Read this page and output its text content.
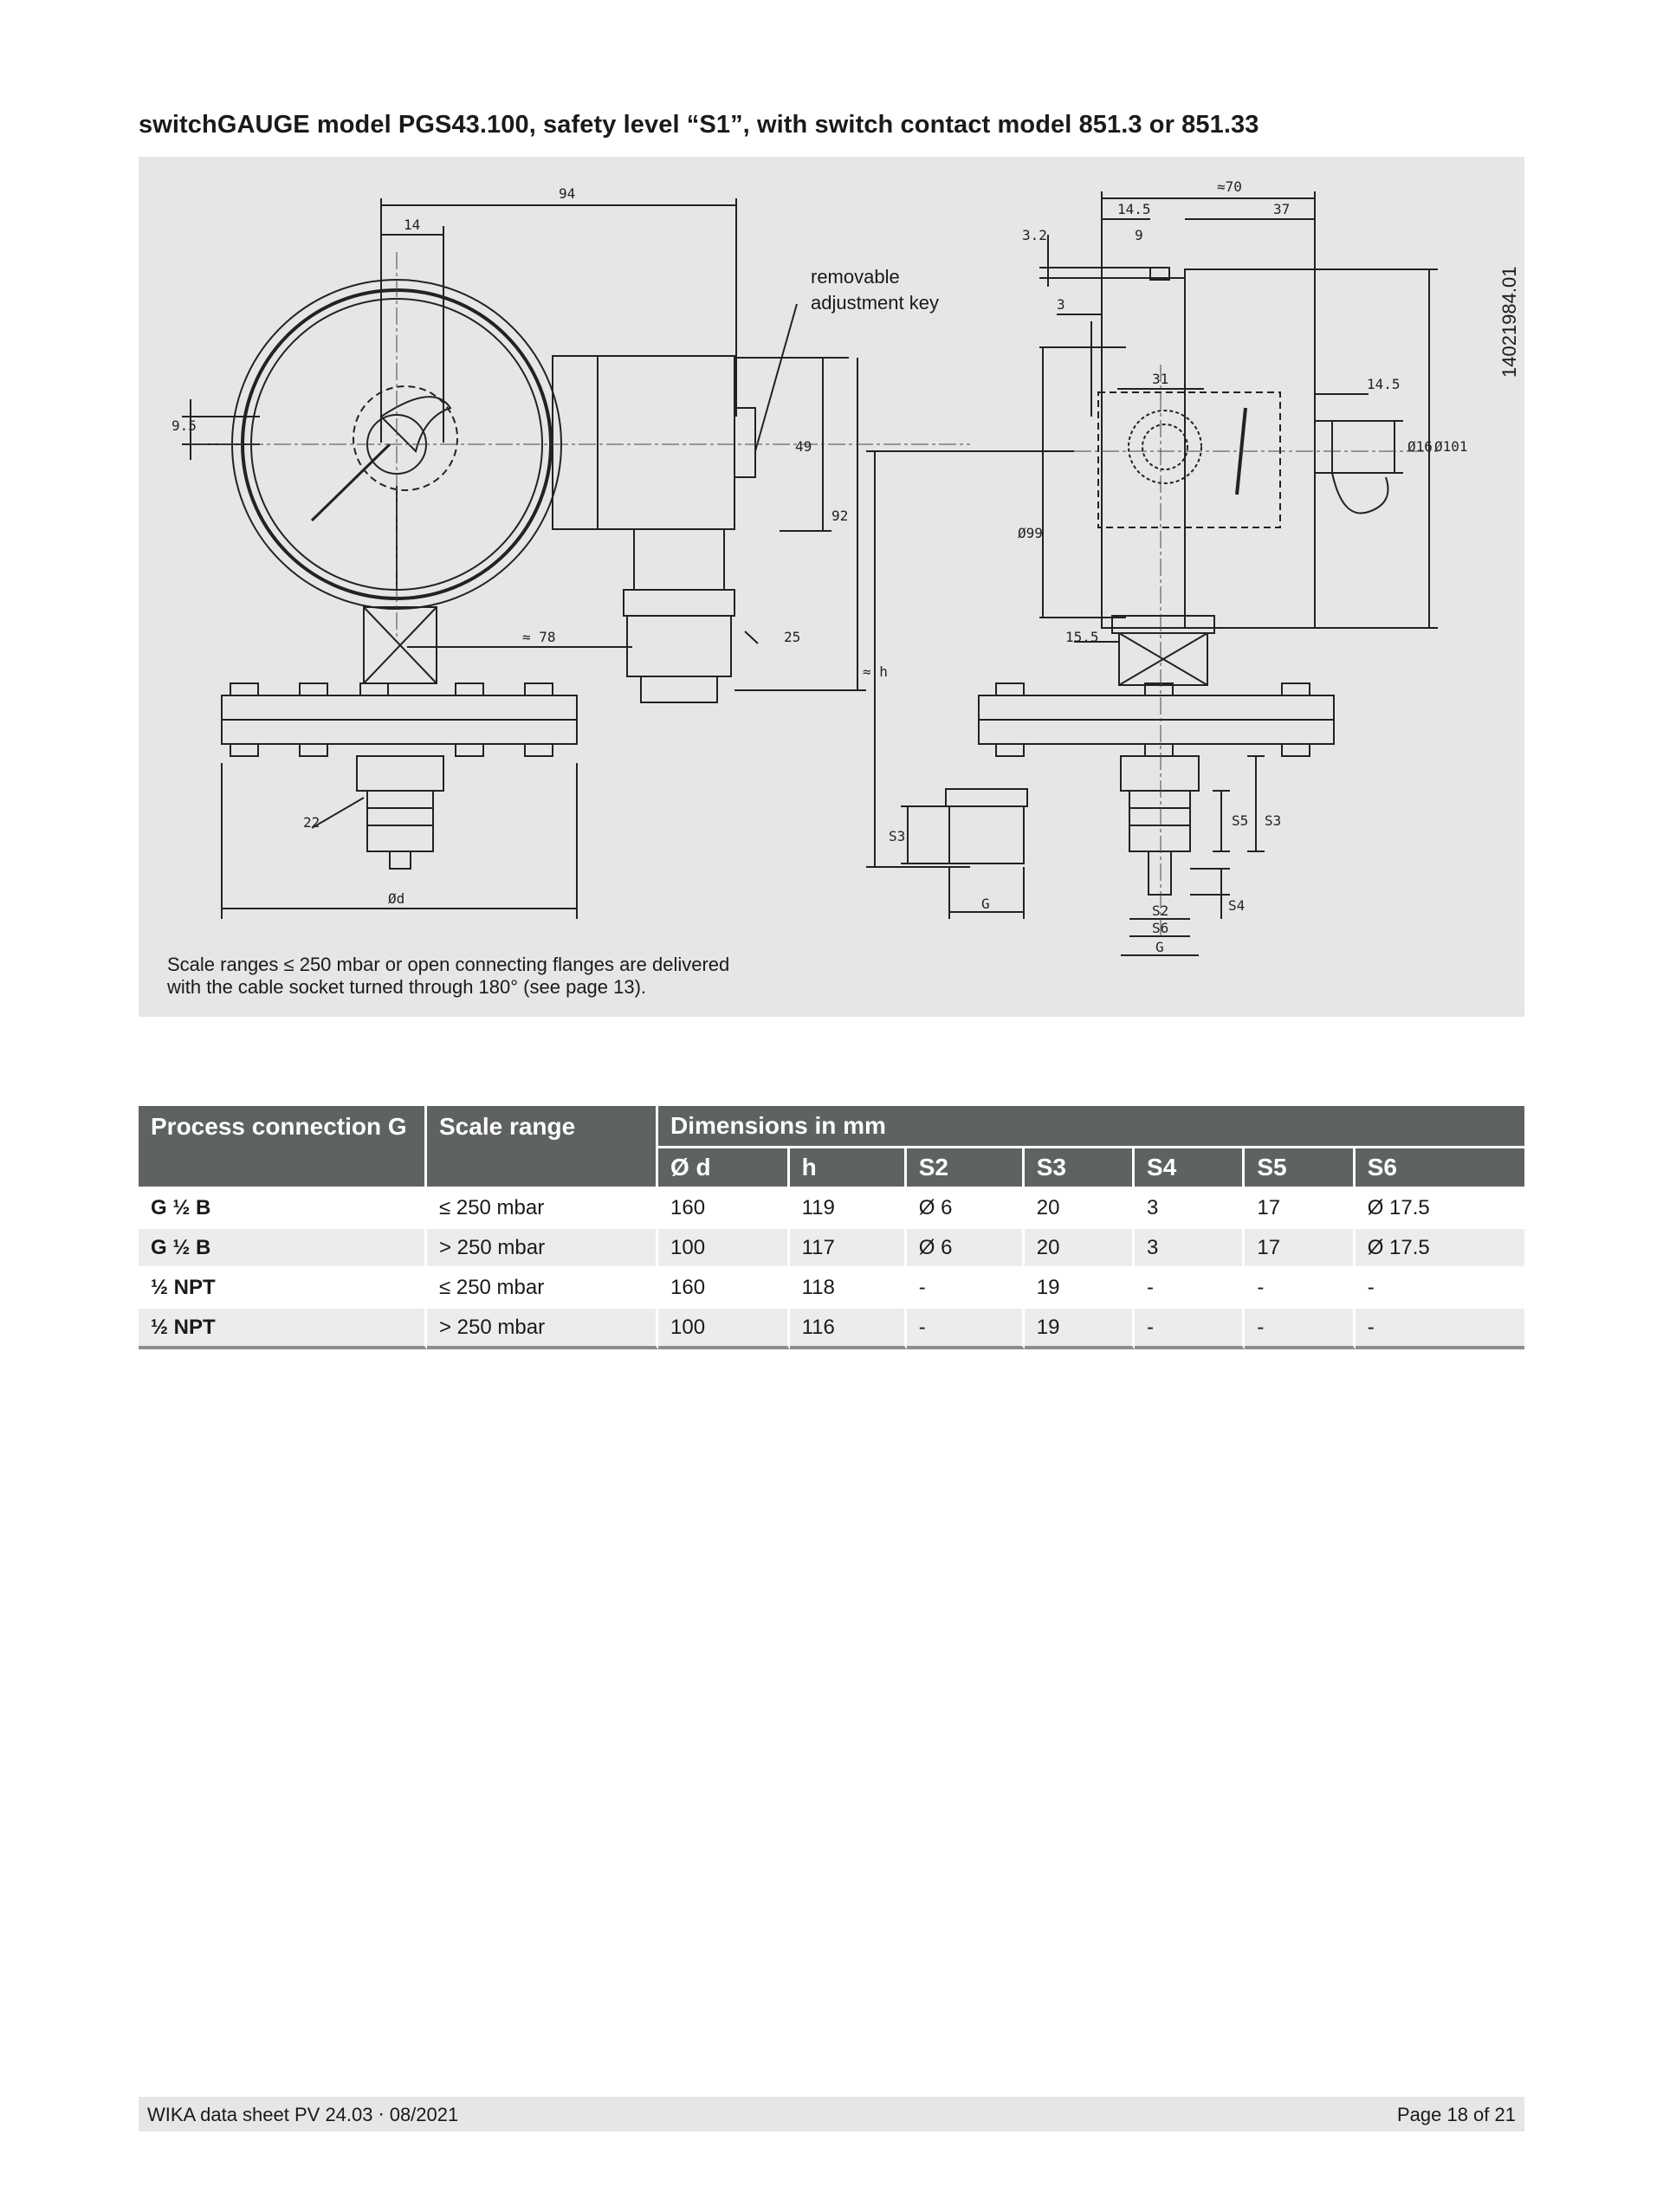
switchGAUGE model PGS43.100, safety level “S1”, with switch contact model 851.3 or 851.33
94
14
9.5
49
92
≈ 78	25
22
Ød
≈ h
≈70
37
14.5
9
3.2
3
31	14.5
Ø99
Ø16 Ø101
15.5
S3
G
S5 S3
S4
S2
S6
G
removable
adjustment key	14021984.01
Scale ranges ≤ 250 mbar or open connecting flanges are delivered
with the cable socket turned through 180° (see page 13).
Process connection G	Scale range	Dimensions in mm						
		Ø d	h	S2	S3	S4	S5	S6
G ½ B	≤ 250 mbar	160	119	Ø 6	20	3	17	Ø 17.5
G ½ B	> 250 mbar	100	117	Ø 6	20	3	17	Ø 17.5
½ NPT	≤ 250 mbar	160	118	-	19	-	-	-
½ NPT	> 250 mbar	100	116	-	19	-	-	-
WIKA data sheet PV 24.03 ⋅ 08/2021	Page 18 of 21
